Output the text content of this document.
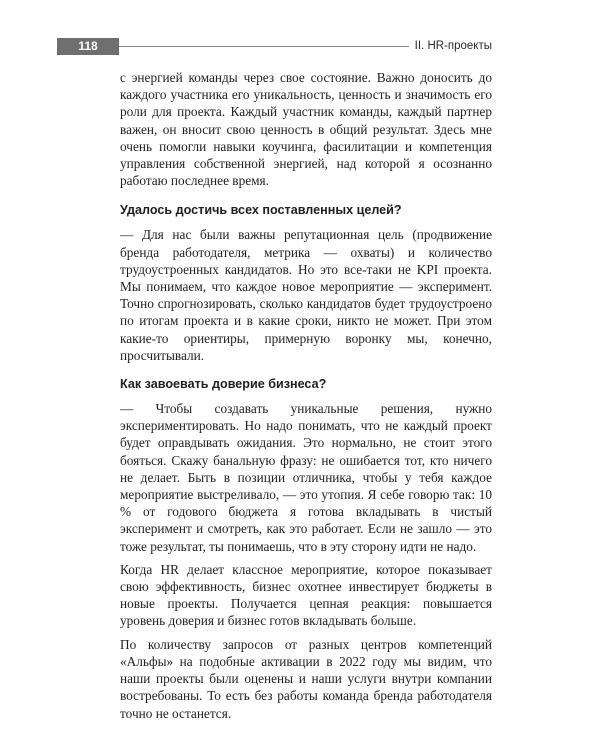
118	II. HR-проекты

с энергией команды через свое состояние. Важно доносить до каждого участника его уникальность, ценность и значимость его роли для проекта. Каждый участник команды, каждый партнер важен, он вносит свою ценность в общий результат. Здесь мне очень помогли навыки коучинга, фасилитации и компетенция управления собственной энергией, над которой я осознанно работаю последнее время.

Удалось достичь всех поставленных целей?

— Для нас были важны репутационная цель (продвижение бренда работодателя, метрика — охваты) и количество трудоустроенных кандидатов. Но это все-таки не KPI проекта. Мы понимаем, что каждое новое мероприятие — эксперимент. Точно спрогнозировать, сколько кандидатов будет трудоустроено по итогам проекта и в какие сроки, никто не может. При этом какие-то ориентиры, примерную воронку мы, конечно, просчитывали.

Как завоевать доверие бизнеса?

— Чтобы создавать уникальные решения, нужно экспериментировать. Но надо понимать, что не каждый проект будет оправдывать ожидания. Это нормально, не стоит этого бояться. Скажу банальную фразу: не ошибается тот, кто ничего не делает. Быть в позиции отличника, чтобы у тебя каждое мероприятие выстреливало, — это утопия. Я себе говорю так: 10 % от годового бюджета я готова вкладывать в чистый эксперимент и смотреть, как это работает. Если не зашло — это тоже результат, ты понимаешь, что в эту сторону идти не надо.

Когда HR делает классное мероприятие, которое показывает свою эффективность, бизнес охотнее инвестирует бюджеты в новые проекты. Получается цепная реакция: повышается уровень доверия и бизнес готов вкладывать больше.

По количеству запросов от разных центров компетенций «Альфы» на подобные активации в 2022 году мы видим, что наши проекты были оценены и наши услуги внутри компании востребованы. То есть без работы команда бренда работодателя точно не останется.
